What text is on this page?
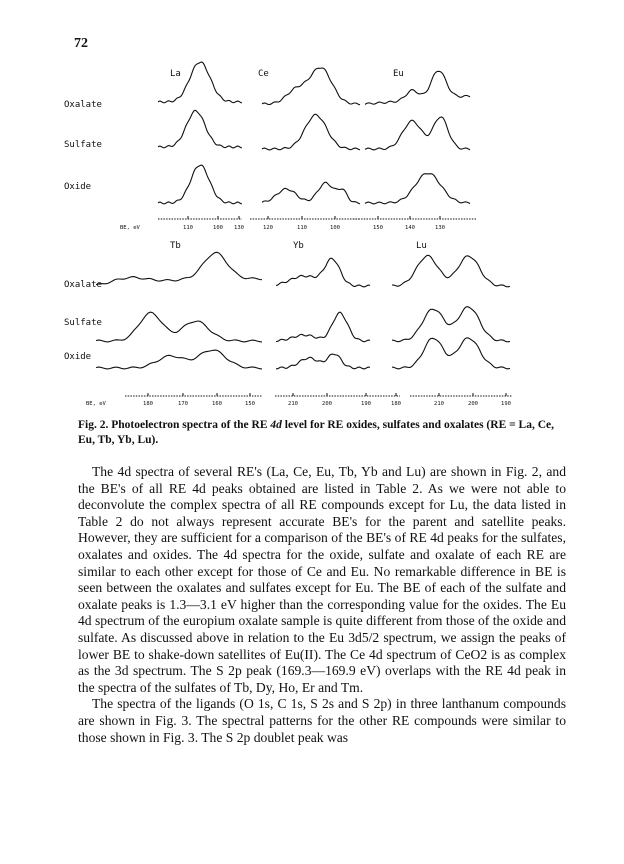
72
La	Ce	Eu
Oxalate
Sulfate
Oxide
BE, eV	110	100 130	120	110	100	150	140	130
Tb	Yb	Lu
Oxalate
Sulfate
Oxide
BE, eV	180	170	160	150	210	200	190	180	210	200	190
Fig. 2. Photoelectron spectra of the RE 4d level for RE oxides, sulfates and oxalates (RE = La, Ce, Eu, Tb, Yb, Lu).

The 4d spectra of several RE's (La, Ce, Eu, Tb, Yb and Lu) are shown in Fig. 2, and the BE's of all RE 4d peaks obtained are listed in Table 2. As we were not able to deconvolute the complex spectra of all RE compounds except for Lu, the data listed in Table 2 do not always represent accurate BE's for the parent and satellite peaks. However, they are sufficient for a comparison of the BE's of RE 4d peaks for the sulfates, oxalates and oxides. The 4d spectra for the oxide, sulfate and oxalate of each RE are similar to each other except for those of Ce and Eu. No remarkable difference in BE is seen between the oxalates and sulfates except for Eu. The BE of each of the sulfate and oxalate peaks is 1.3—3.1 eV higher than the corresponding value for the oxides. The Eu 4d spectrum of the europium oxalate sample is quite different from those of the oxide and sulfate. As discussed above in relation to the Eu 3d5/2 spectrum, we assign the peaks of lower BE to shake-down satellites of Eu(II). The Ce 4d spectrum of CeO2 is as complex as the 3d spectrum. The S 2p peak (169.3—169.9 eV) overlaps with the RE 4d peak in the spectra of the sulfates of Tb, Dy, Ho, Er and Tm.

The spectra of the ligands (O 1s, C 1s, S 2s and S 2p) in three lanthanum compounds are shown in Fig. 3. The spectral patterns for the other RE compounds were similar to those shown in Fig. 3. The S 2p doublet peak was
